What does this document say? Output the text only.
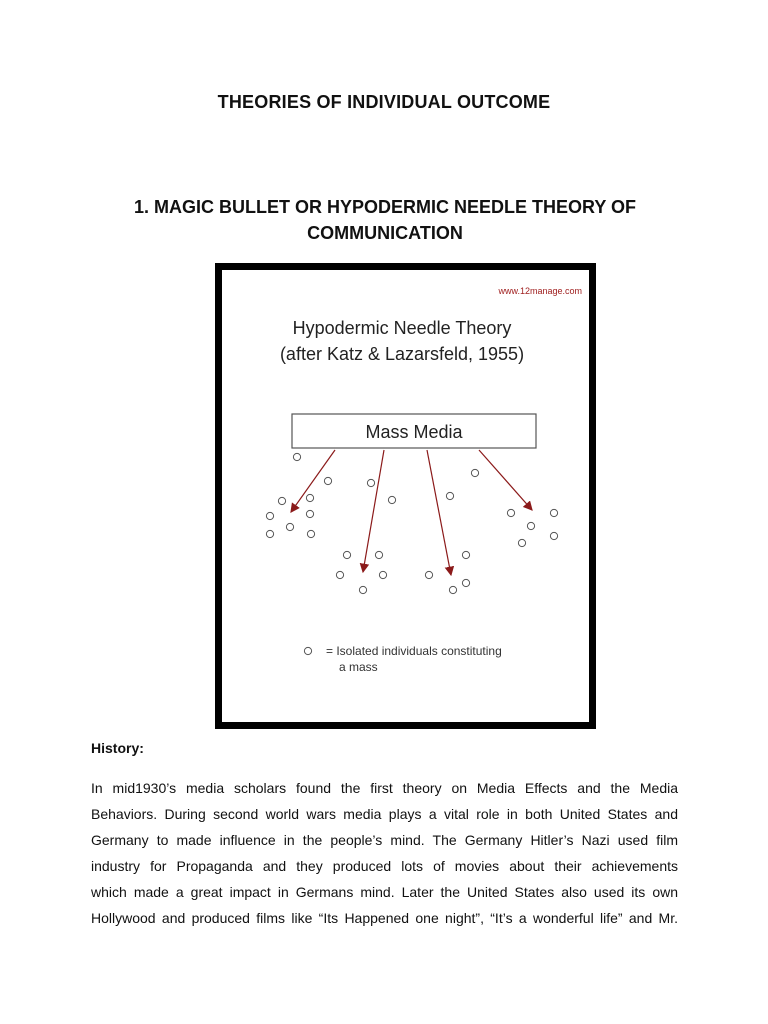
THEORIES OF INDIVIDUAL OUTCOME
1. MAGIC BULLET OR HYPODERMIC NEEDLE THEORY OF
COMMUNICATION
www.12manage.com
Hypodermic Needle Theory
(after Katz & Lazarsfeld, 1955)
Mass Media
= Isolated individuals constituting
a mass
History:
In mid1930’s media scholars found the first theory on Media Effects and the Media
Behaviors. During second world wars media plays a vital role in both United States and
Germany to made influence in the people’s mind. The Germany Hitler’s Nazi used film
industry for Propaganda and they produced lots of movies about their achievements
which made a great impact in Germans mind. Later the United States also used its own
Hollywood and produced films like “Its Happened one night”, “It’s a wonderful life” and Mr.
